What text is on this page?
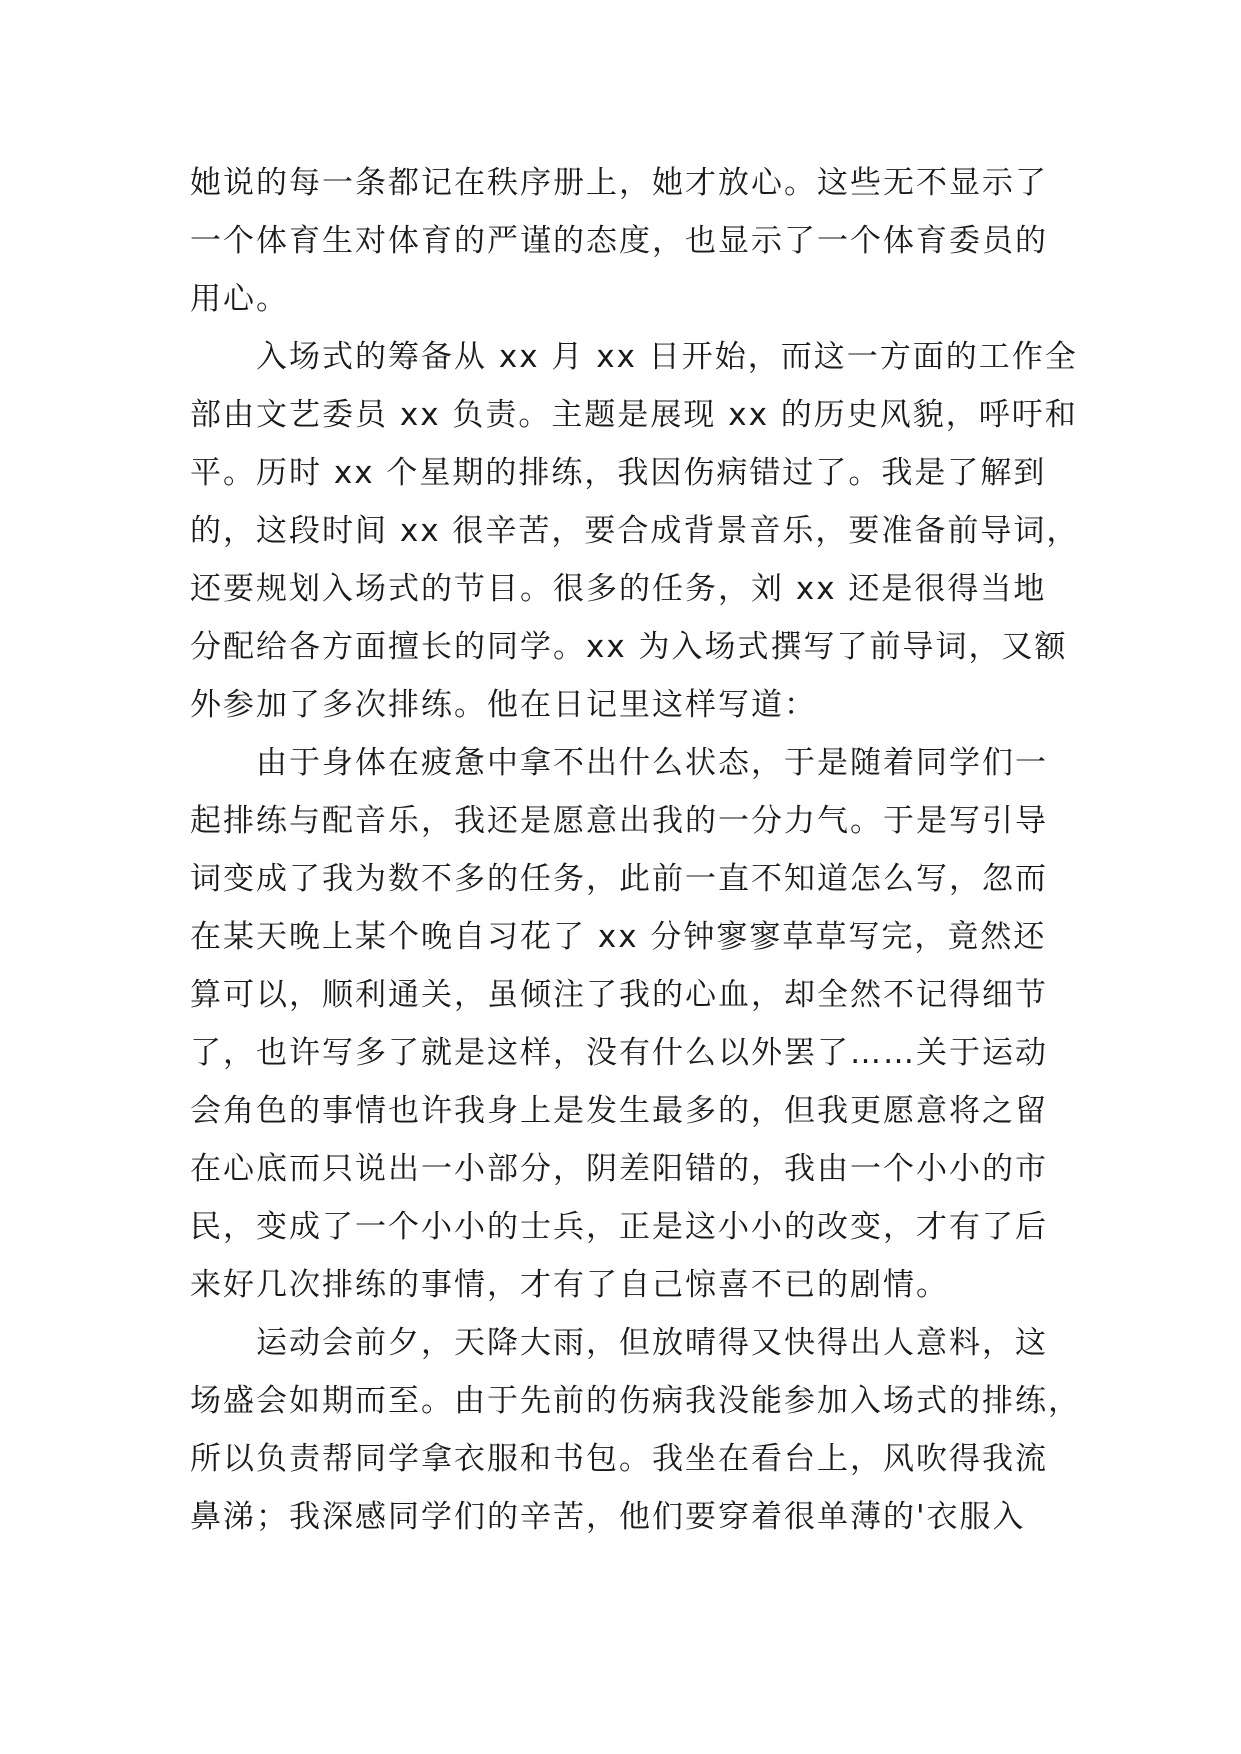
她说的每一条都记在秩序册上，她才放心。这些无不显示了
一个体育生对体育的严谨的态度，也显示了一个体育委员的
用心。
入场式的筹备从 xx 月 xx 日开始，而这一方面的工作全
部由文艺委员 xx 负责。主题是展现 xx 的历史风貌，呼吁和
平。历时 xx 个星期的排练，我因伤病错过了。我是了解到
的，这段时间 xx 很辛苦，要合成背景音乐，要准备前导词，
还要规划入场式的节目。很多的任务，刘 xx 还是很得当地
分配给各方面擅长的同学。xx 为入场式撰写了前导词，又额
外参加了多次排练。他在日记里这样写道：
由于身体在疲惫中拿不出什么状态，于是随着同学们一
起排练与配音乐，我还是愿意出我的一分力气。于是写引导
词变成了我为数不多的任务，此前一直不知道怎么写，忽而
在某天晚上某个晚自习花了 xx 分钟寥寥草草写完，竟然还
算可以，顺利通关，虽倾注了我的心血，却全然不记得细节
了，也许写多了就是这样，没有什么以外罢了……关于运动
会角色的事情也许我身上是发生最多的，但我更愿意将之留
在心底而只说出一小部分，阴差阳错的，我由一个小小的市
民，变成了一个小小的士兵，正是这小小的改变，才有了后
来好几次排练的事情，才有了自己惊喜不已的剧情。
运动会前夕，天降大雨，但放晴得又快得出人意料，这
场盛会如期而至。由于先前的伤病我没能参加入场式的排练，
所以负责帮同学拿衣服和书包。我坐在看台上，风吹得我流
鼻涕；我深感同学们的辛苦，他们要穿着很单薄的'衣服入
